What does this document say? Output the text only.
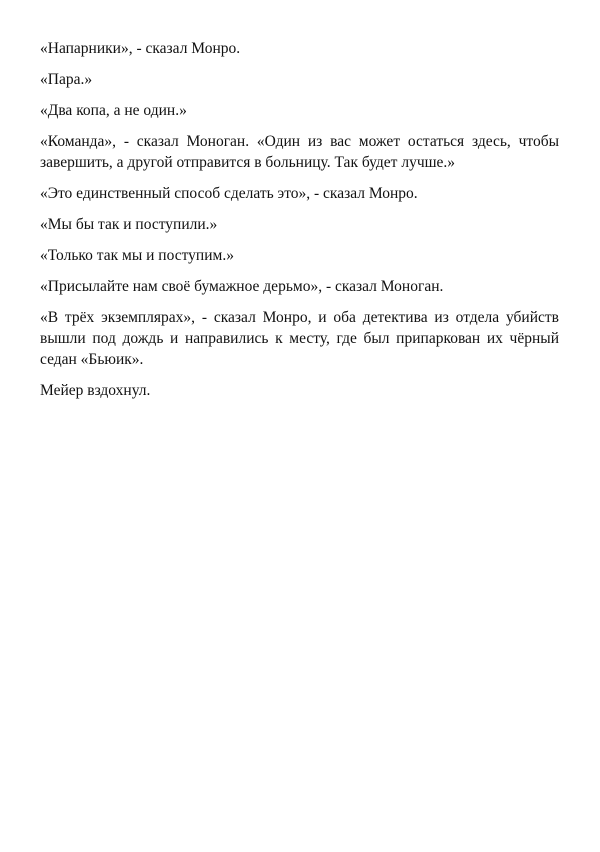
«Напарники», - сказал Монро.

«Пара.»

«Два копа, а не один.»

«Команда», - сказал Моноган. «Один из вас может остаться здесь, чтобы завершить, а другой отправится в больницу. Так будет лучше.»

«Это единственный способ сделать это», - сказал Монро.

«Мы бы так и поступили.»

«Только так мы и поступим.»

«Присылайте нам своё бумажное дерьмо», - сказал Моноган.

«В трёх экземплярах», - сказал Монро, и оба детектива из отдела убийств вышли под дождь и направились к месту, где был припаркован их чёрный седан «Бьюик».

Мейер вздохнул.
